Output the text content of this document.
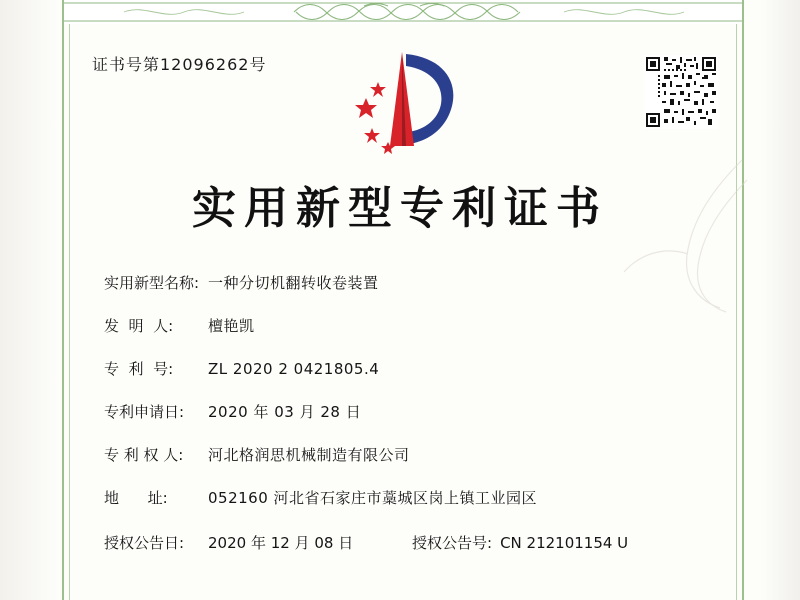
证书号第12096262号
实用新型专利证书
实用新型名称: 一种分切机翻转收卷装置
发  明  人:	檀艳凯
专  利  号:	ZL 2020 2 0421805.4
专利申请日:	2020 年 03 月 28 日
专 利 权 人:	河北格润思机械制造有限公司
地      址:	052160 河北省石家庄市藁城区岗上镇工业园区
授权公告日:	2020 年 12 月 08 日	授权公告号: CN 212101154 U
